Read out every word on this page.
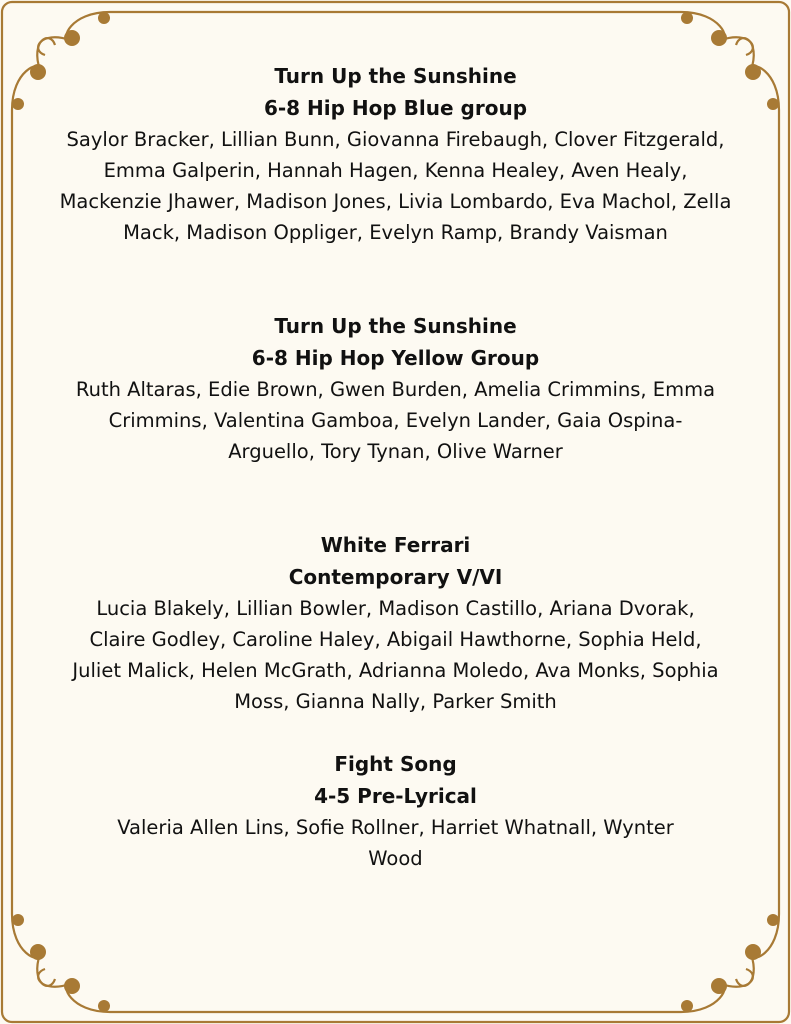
Turn Up the Sunshine

6-8 Hip Hop Blue group

Saylor Bracker, Lillian Bunn, Giovanna Firebaugh, Clover Fitzgerald, Emma Galperin, Hannah Hagen, Kenna Healey, Aven Healy, Mackenzie Jhawer, Madison Jones, Livia Lombardo, Eva Machol, Zella Mack, Madison Oppliger, Evelyn Ramp, Brandy Vaisman

Turn Up the Sunshine

6-8 Hip Hop Yellow Group

Ruth Altaras, Edie Brown, Gwen Burden, Amelia Crimmins, Emma Crimmins, Valentina Gamboa, Evelyn Lander, Gaia Ospina-Arguello, Tory Tynan, Olive Warner

White Ferrari

Contemporary V/VI

Lucia Blakely, Lillian Bowler, Madison Castillo, Ariana Dvorak, Claire Godley, Caroline Haley, Abigail Hawthorne, Sophia Held, Juliet Malick, Helen McGrath, Adrianna Moledo, Ava Monks, Sophia Moss, Gianna Nally, Parker Smith

Fight Song

4-5 Pre-Lyrical

Valeria Allen Lins, Sofie Rollner, Harriet Whatnall, Wynter Wood
